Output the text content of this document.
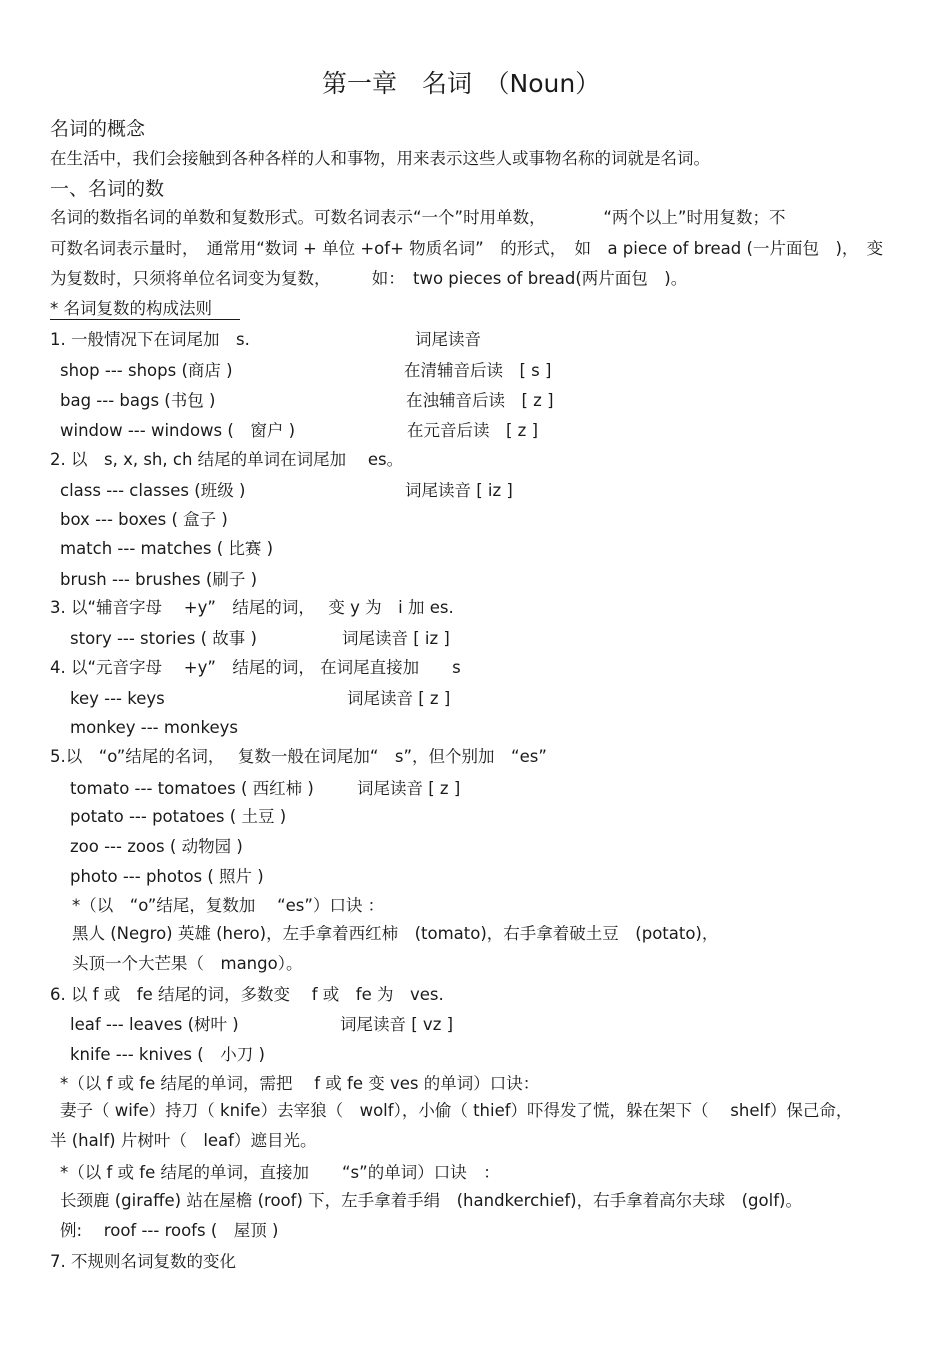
第一章　名词　（Noun）
名词的概念
在生活中，我们会接触到各种各样的人和事物，用来表示这些人或事物名称的词就是名词。
一、名词的数
名词的数指名词的单数和复数形式。可数名词表示“一个”时用单数，　　　　“两个以上”时用复数；不
可数名词表示量时，　通常用“数词 + 单位 +of+ 物质名词”　的形式，　如　a piece of bread (一片面包　)，　变
为复数时，只须将单位名词变为复数，　　　如：　two pieces of bread(两片面包　)。
* 名词复数的构成法则
1. 一般情况下在词尾加　s.	词尾读音
shop --- shops (商店 )	在清辅音后读　[ s ]
bag --- bags (书包 )	在浊辅音后读　[ z ]
window --- windows (　窗户 )	在元音后读　[ z ]
2. 以　s, x, sh, ch 结尾的单词在词尾加　 es。
class --- classes (班级 )	词尾读音 [ iz ]
box --- boxes ( 盒子 )
match --- matches ( 比赛 )
brush --- brushes (刷子 )
3. 以“辅音字母　 +y”　结尾的词，　 变 y 为　i 加 es.
story --- stories ( 故事 )	词尾读音 [ iz ]
4. 以“元音字母　 +y”　结尾的词， 在词尾直接加　　s
key --- keys	词尾读音 [ z ]
monkey --- monkeys
5.以　“o”结尾的名词，　 复数一般在词尾加“　s”，但个别加　“es”
tomato --- tomatoes ( 西红柿 )	词尾读音 [ z ]
potato --- potatoes ( 土豆 )
zoo --- zoos ( 动物园 )
photo --- photos ( 照片 )
*（以　“o”结尾，复数加　 “es”）口诀 ：
黑人 (Negro) 英雄 (hero)，左手拿着西红柿　(tomato)，右手拿着破土豆　(potato)，
头顶一个大芒果（　mango）。
6. 以 f 或　fe 结尾的词，多数变　 f 或　fe 为　ves.
leaf --- leaves (树叶 )	词尾读音 [ vz ]
knife --- knives (　小刀 )
*（以 f 或 fe 结尾的单词，需把　 f 或 fe 变 ves 的单词）口诀：
妻子（ wife）持刀（ knife）去宰狼（　wolf），小偷（ thief）吓得发了慌，躲在架下（　 shelf）保己命，
半 (half) 片树叶（　leaf）遮目光。
*（以 f 或 fe 结尾的单词，直接加　　“s”的单词）口诀　：
长颈鹿 (giraffe) 站在屋檐 (roof) 下，左手拿着手绢　(handkerchief)，右手拿着高尔夫球　(golf)。
例:　 roof --- roofs (　屋顶 )
7. 不规则名词复数的变化
